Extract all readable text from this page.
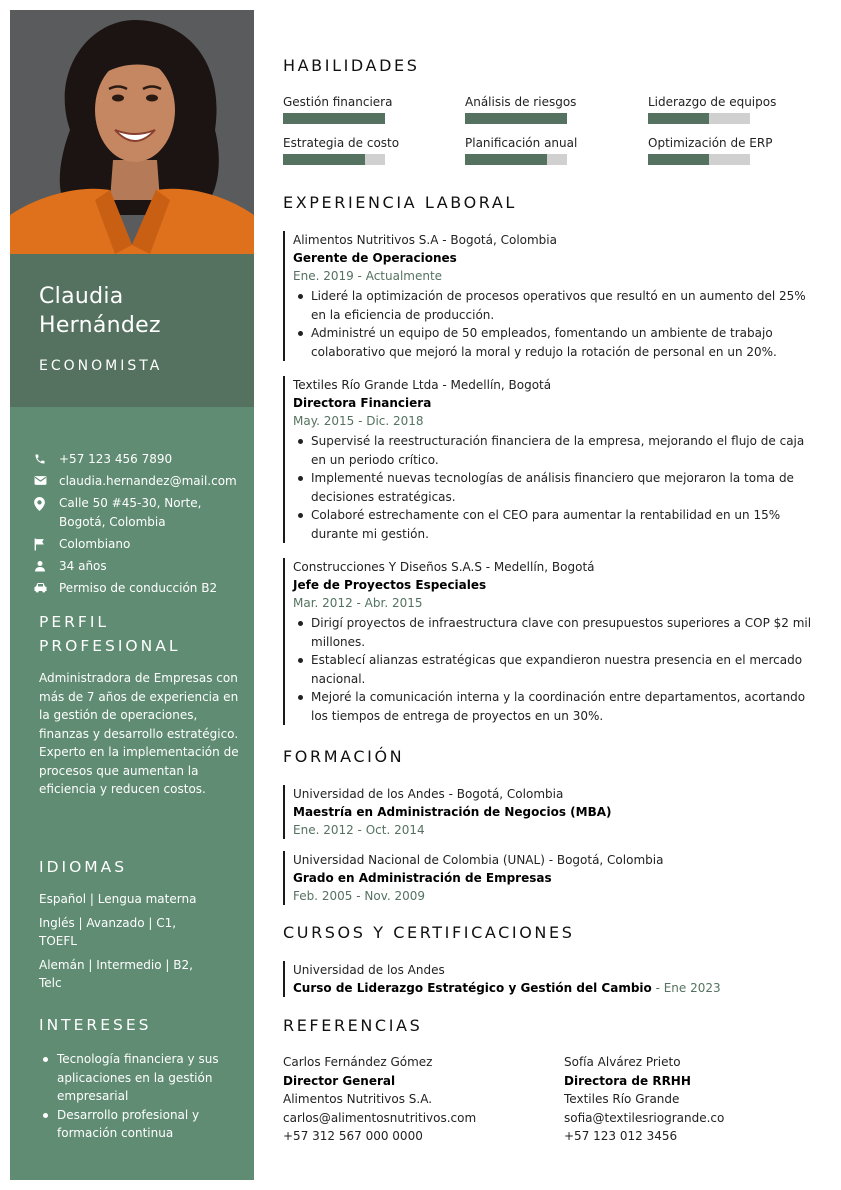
Claudia
Hernández
ECONOMISTA
+57 123 456 7890
claudia.hernandez@mail.com
Calle 50 #45-30, Norte,
Bogotá, Colombia
Colombiano
34 años
Permiso de conducción B2
PERFIL
PROFESIONAL
Administradora de Empresas con más de 7 años de experiencia en la gestión de operaciones, finanzas y desarrollo estratégico. Experto en la implementación de procesos que aumentan la eficiencia y reducen costos.
IDIOMAS
Español | Lengua materna
Inglés | Avanzado | C1, TOEFL
Alemán | Intermedio | B2, Telc
INTERESES
Tecnología financiera y sus aplicaciones en la gestión empresarial
Desarrollo profesional y formación continua
HABILIDADES
Gestión financiera	Análisis de riesgos	Liderazgo de equipos
Estrategia de costo	Planificación anual	Optimización de ERP
EXPERIENCIA LABORAL
Alimentos Nutritivos S.A - Bogotá, Colombia
Gerente de Operaciones
Ene. 2019 - Actualmente
Lideré la optimización de procesos operativos que resultó en un aumento del 25% en la eficiencia de producción.
Administré un equipo de 50 empleados, fomentando un ambiente de trabajo colaborativo que mejoró la moral y redujo la rotación de personal en un 20%.
Textiles Río Grande Ltda - Medellín, Bogotá
Directora Financiera
May. 2015 - Dic. 2018
Supervisé la reestructuración financiera de la empresa, mejorando el flujo de caja en un periodo crítico.
Implementé nuevas tecnologías de análisis financiero que mejoraron la toma de decisiones estratégicas.
Colaboré estrechamente con el CEO para aumentar la rentabilidad en un 15% durante mi gestión.
Construcciones Y Diseños S.A.S - Medellín, Bogotá
Jefe de Proyectos Especiales
Mar. 2012 - Abr. 2015
Dirigí proyectos de infraestructura clave con presupuestos superiores a COP $2 mil millones.
Establecí alianzas estratégicas que expandieron nuestra presencia en el mercado nacional.
Mejoré la comunicación interna y la coordinación entre departamentos, acortando los tiempos de entrega de proyectos en un 30%.
FORMACIÓN
Universidad de los Andes - Bogotá, Colombia
Maestría en Administración de Negocios (MBA)
Ene. 2012 - Oct. 2014
Universidad Nacional de Colombia (UNAL) - Bogotá, Colombia
Grado en Administración de Empresas
Feb. 2005 - Nov. 2009
CURSOS Y CERTIFICACIONES
Universidad de los Andes
Curso de Liderazgo Estratégico y Gestión del Cambio - Ene 2023
REFERENCIAS
Carlos Fernández Gómez
Director General
Alimentos Nutritivos S.A.
carlos@alimentosnutritivos.com
+57 312 567 000 0000
Sofía Alvárez Prieto
Directora de RRHH
Textiles Río Grande
sofia@textilesriogrande.co
+57 123 012 3456
